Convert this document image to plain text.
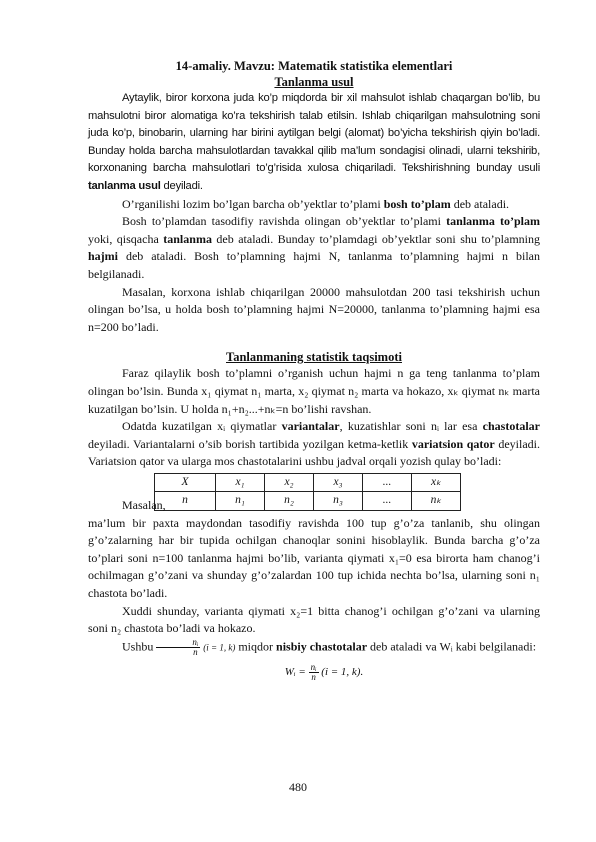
14-amaliy. Mavzu: Matematik statistika elementlari
Tanlanma usul

Aytaylik, biror korxona juda ko’p miqdorda bir xil mahsulot ishlab chaqargan bo’lib, bu mahsulotni biror alomatiga ko’ra tekshirish talab etilsin. Ishlab chiqarilgan mahsulotning soni juda ko’p, binobarin, ularning har birini aytilgan belgi (alomat) bo’yicha tekshirish qiyin bo’ladi. Bunday holda barcha mahsulotlardan tavakkal qilib ma’lum sondagisi olinadi, ularni tekshirib, korxonaning barcha mahsulotlari to’g’risida xulosa chiqariladi. Tekshirishning bunday usuli tanlanma usul deyiladi.

O’rganilishi lozim bo’lgan barcha ob’yektlar to’plami bosh to’plam deb ataladi.

Bosh to’plamdan tasodifiy ravishda olingan ob’yektlar to’plami tanlanma to’plam yoki, qisqacha tanlanma deb ataladi. Bunday to’plamdagi ob’yektlar soni shu to’plamning hajmi deb ataladi. Bosh to’plamning hajmi N, tanlanma to’plamning hajmi n bilan belgilanadi.

Masalan, korxona ishlab chiqarilgan 20000 mahsulotdan 200 tasi tekshirish uchun olingan bo’lsa, u holda bosh to’plamning hajmi N=20000, tanlanma to’plamning hajmi esa n=200 bo’ladi.

Tanlanmaning statistik taqsimoti

Faraz qilaylik bosh to’plamni o’rganish uchun hajmi n ga teng tanlanma to’plam olingan bo’lsin. Bunda x₁ qiymat n₁ marta, x₂ qiymat n₂ marta va hokazo, xₖ qiymat nₖ marta kuzatilgan bo’lsin. U holda n₁+n₂...+nₖ=n bo’lishi ravshan.

Odatda kuzatilgan xᵢ qiymatlar variantalar, kuzatishlar soni nᵢ lar esa chastotalar deyiladi. Variantalarni o’sib borish tartibida yozilgan ketma-ketlik variatsion qator deyiladi. Variatsion qator va ularga mos chastotalarini ushbu jadval orqali yozish qulay bo’ladi:

X	x₁	x₂	x₃	...	xₖ
n	n₁	n₂	n₃	...	nₖ

Masalan,

ma’lum bir paxta maydondan tasodifiy ravishda 100 tup g’o’za tanlanib, shu olingan g’o’zalarning har bir tupida ochilgan chanoqlar sonini hisoblaylik. Bunda barcha g’o’za to’plari soni n=100 tanlanma hajmi bo’lib, varianta qiymati x₁=0 esa birorta ham chanog’i ochilmagan g’o’zani va shunday g’o’zalardan 100 tup ichida nechta bo’lsa, ularning soni n₁ chastota bo’ladi.

Xuddi shunday, varianta qiymati x₂=1 bitta chanog’i ochilgan g’o’zani va ularning soni n₂ chastota bo’ladi va hokazo.

Ushbu $\frac{\text{nᵢ}}{n} (i = 1$, k) miqdor nisbiy chastotalar deb ataladi va Wᵢ kabi belgilanadi:

Wᵢ = $\frac{\text{nᵢ}}{n} (i = 1$, k).
480
